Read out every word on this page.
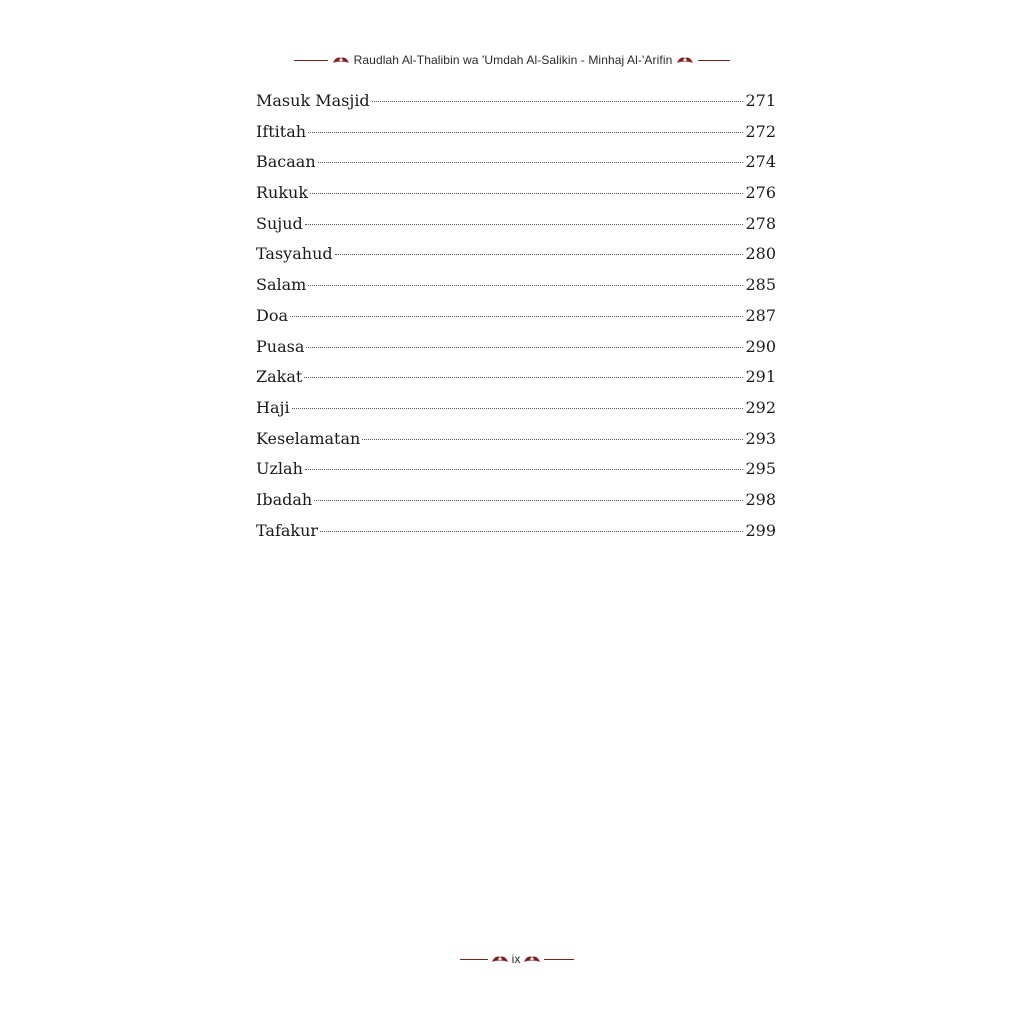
Raudlah Al-Thalibin wa 'Umdah Al-Salikin - Minhaj Al-'Arifin
Masuk Masjid	271
Iftitah	272
Bacaan	274
Rukuk	276
Sujud	278
Tasyahud	280
Salam	285
Doa	287
Puasa	290
Zakat	291
Haji	292
Keselamatan	293
Uzlah	295
Ibadah	298
Tafakur	299
ix
